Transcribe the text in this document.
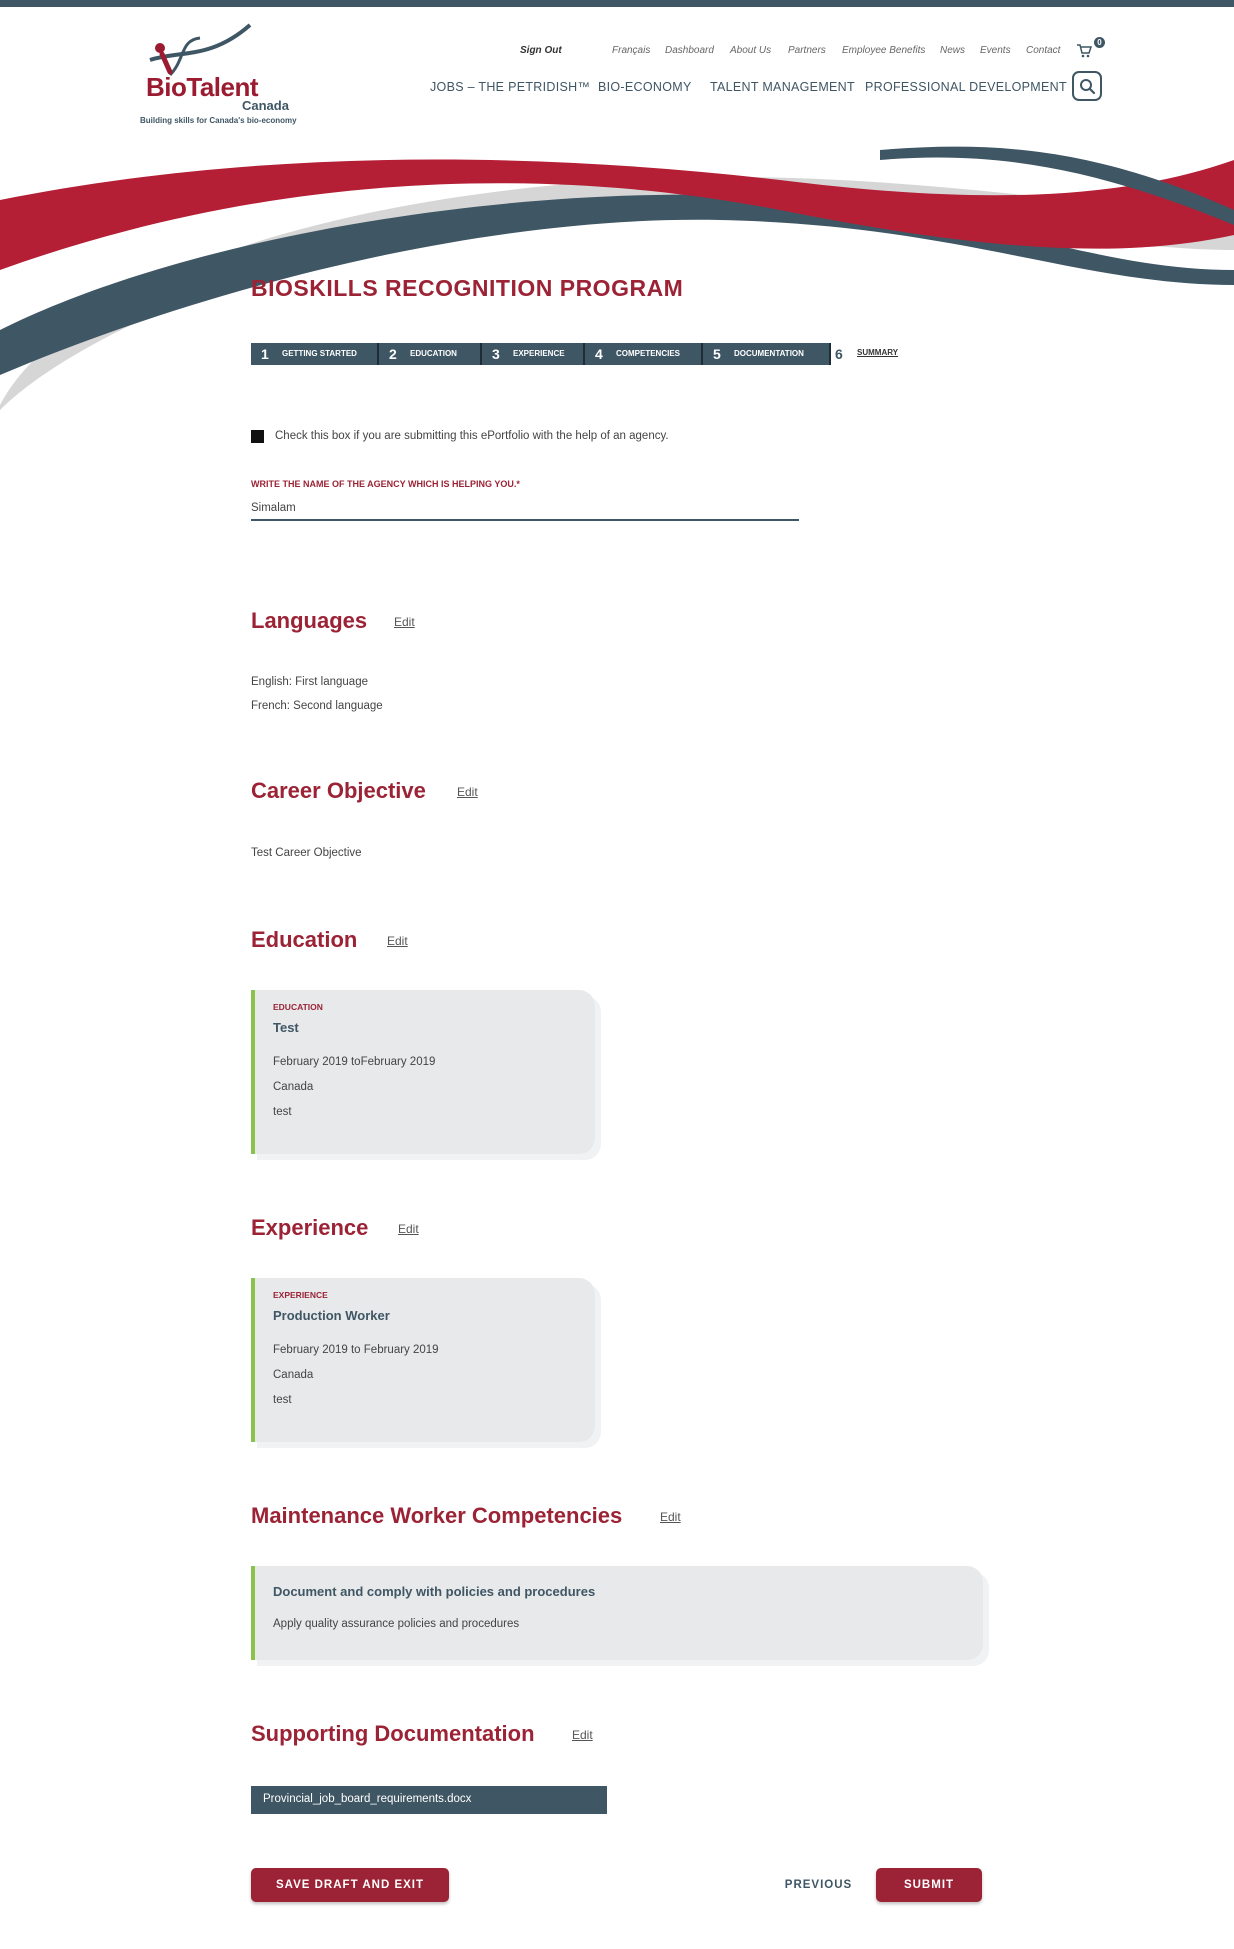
BioTalent
Canada
Building skills for Canada's bio-economy
Sign Out	Français Dashboard About Us Partners Employee Benefits News Events Contact
0
JOBS – THE PETRIDISH™ BIO-ECONOMY TALENT MANAGEMENT PROFESSIONAL DEVELOPMENT
BIOSKILLS RECOGNITION PROGRAM
1 GETTING STARTED 2 EDUCATION	3 EXPERIENCE 4 COMPETENCIES 5 DOCUMENTATION 6 SUMMARY
Check this box if you are submitting this ePortfolio with the help of an agency.
WRITE THE NAME OF THE AGENCY WHICH IS HELPING YOU.*
Simalam
Languages Edit
English: First language
French: Second language
Career Objective	Edit
Test Career Objective
Education Edit
EDUCATION
Test
February 2019 toFebruary 2019
Canada
test
Experience Edit
EXPERIENCE
Production Worker
February 2019 to February 2019
Canada
test
Maintenance Worker Competencies	Edit
Document and comply with policies and procedures
Apply quality assurance policies and procedures
Supporting Documentation	Edit
Provincial_job_board_requirements.docx
SAVE DRAFT AND EXIT	PREVIOUS	SUBMIT
